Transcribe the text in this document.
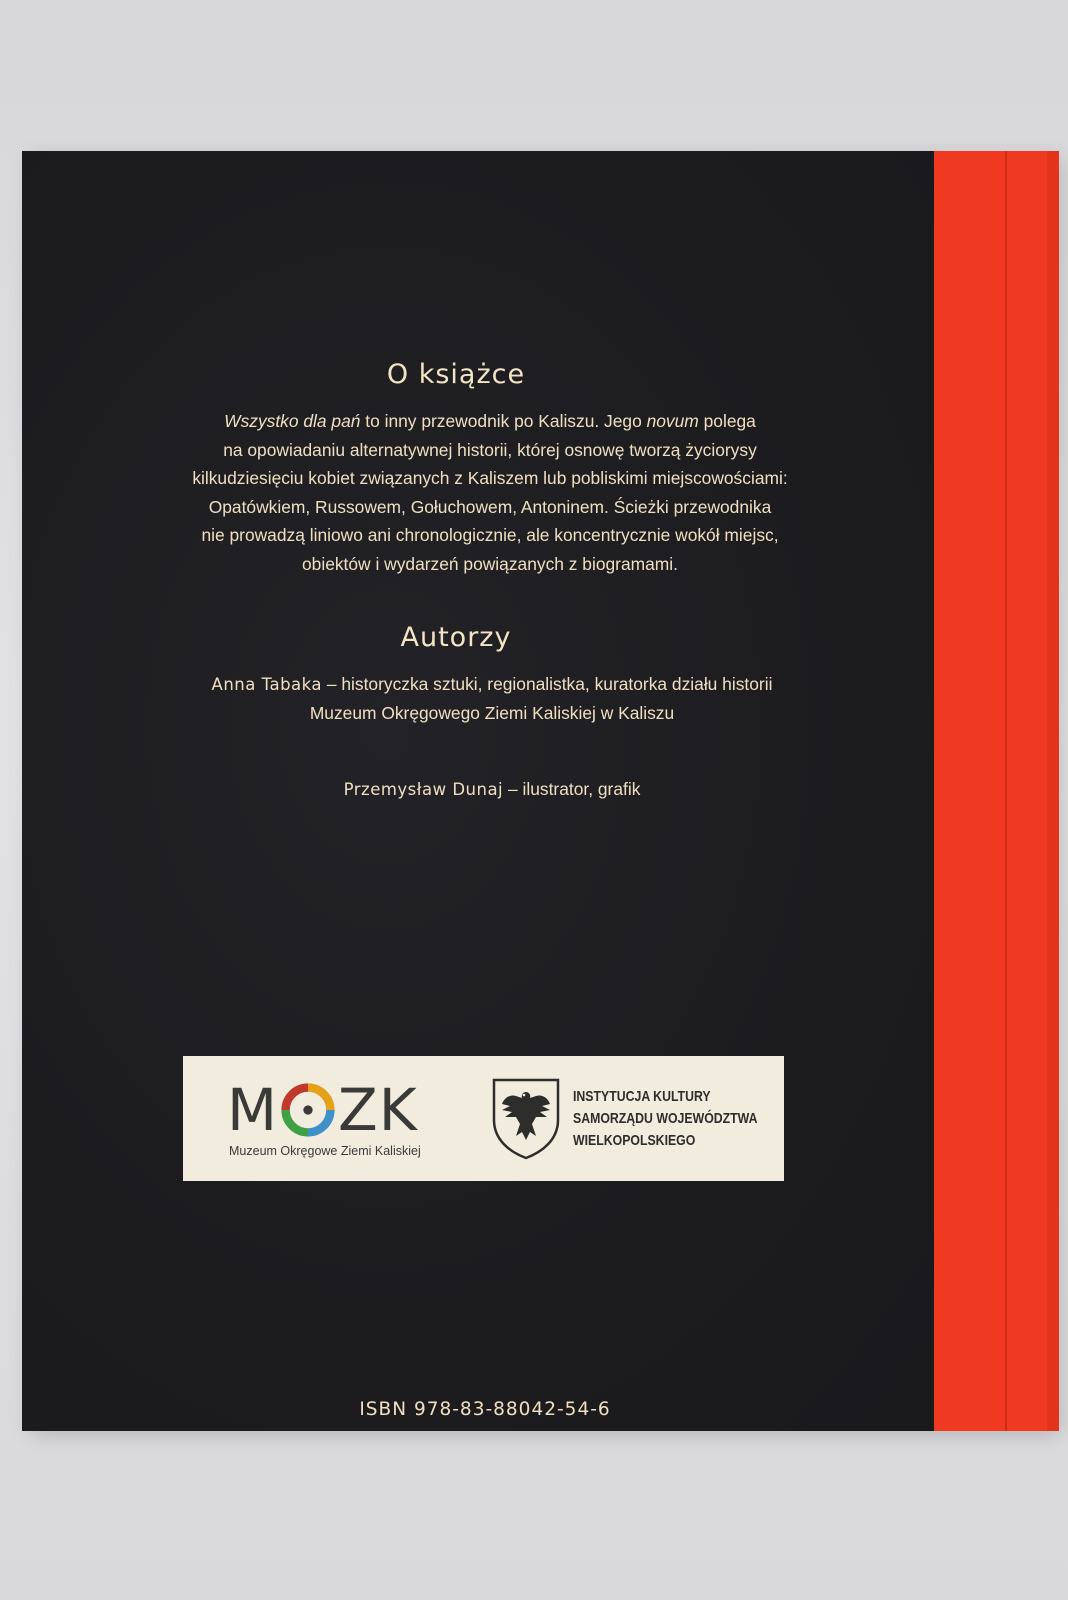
O książce
Wszystko dla pań to inny przewodnik po Kaliszu. Jego novum polega
na opowiadaniu alternatywnej historii, której osnowę tworzą życiorysy
kilkudziesięciu kobiet związanych z Kaliszem lub pobliskimi miejscowościami:
Opatówkiem, Russowem, Gołuchowem, Antoninem. Ścieżki przewodnika
nie prowadzą liniowo ani chronologicznie, ale koncentrycznie wokół miejsc,
obiektów i wydarzeń powiązanych z biogramami.
Autorzy
Anna Tabaka – historyczka sztuki, regionalistka, kuratorka działu historii
Muzeum Okręgowego Ziemi Kaliskiej w Kaliszu
Przemysław Dunaj – ilustrator, grafik
ISBN 978-83-88042-54-6
M ZK
Muzeum Okręgowe Ziemi Kaliskiej
INSTYTUCJA KULTURY
SAMORZĄDU WOJEWÓDZTWA
WIELKOPOLSKIEGO
